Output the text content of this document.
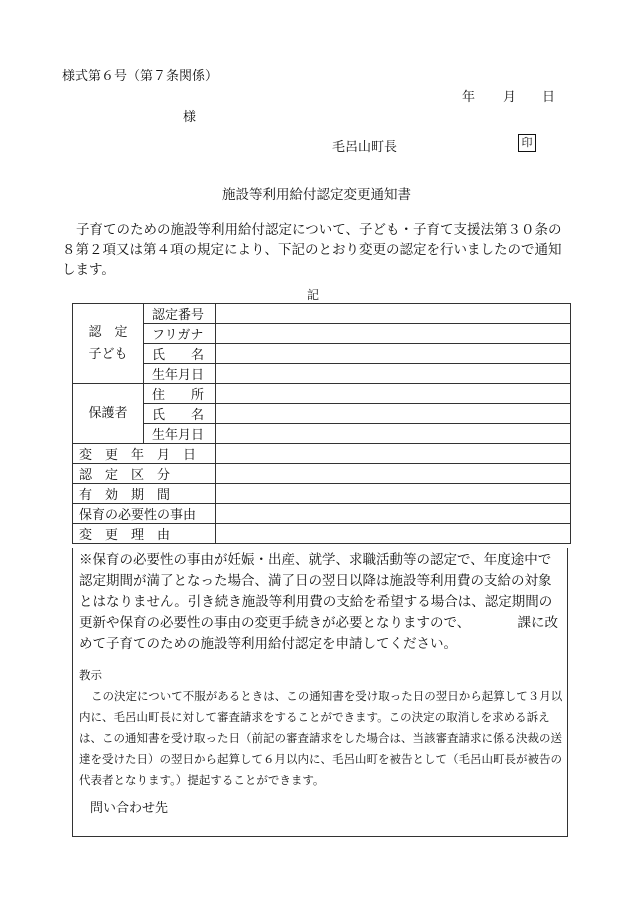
様式第６号（第７条関係）
年 月 日
様
毛呂山町長	印
施設等利用給付認定変更通知書
子育てのための施設等利用給付認定について、子ども・子育て支援法第３０条の８第２項又は第４項の規定により、下記のとおり変更の認定を行いましたので通知します。
記
認　定
子ども	認定番号	
	フリガナ	
	氏　　名	
	生年月日	
保護者	住　　所	
	氏　　名	
	生年月日	
変　更　年　月　日		
認　定　区　分		
有　効　期　間		
保育の必要性の事由		
変　更　理　由		
※保育の必要性の事由が妊娠・出産、就学、求職活動等の認定で、年度途中で認定期間が満了となった場合、満了日の翌日以降は施設等利用費の支給の対象とはなりません。引き続き施設等利用費の支給を希望する場合は、認定期間の更新や保育の必要性の事由の変更手続きが必要となりますので、　　　　課に改めて子育てのための施設等利用給付認定を申請してください。
教示
この決定について不服があるときは、この通知書を受け取った日の翌日から起算して３月以内に、毛呂山町長に対して審査請求をすることができます。この決定の取消しを求める訴えは、この通知書を受け取った日（前記の審査請求をした場合は、当該審査請求に係る決裁の送達を受けた日）の翌日から起算して６月以内に、毛呂山町を被告として（毛呂山町長が被告の代表者となります。）提起することができます。
問い合わせ先
